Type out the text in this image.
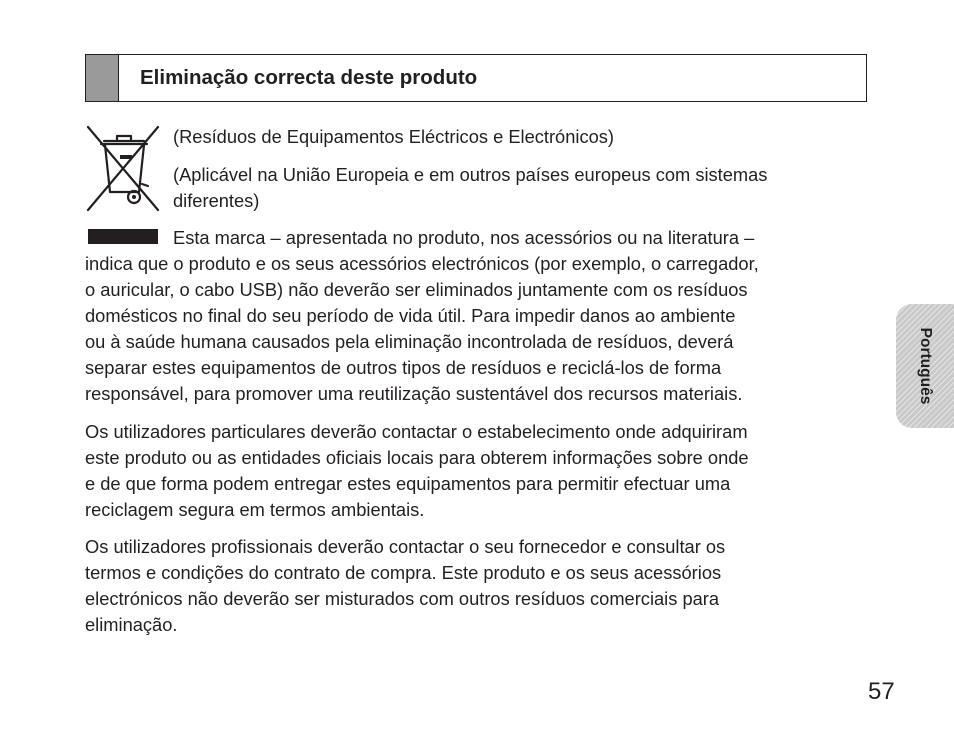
Eliminação correcta deste produto
(Resíduos de Equipamentos Eléctricos e Electrónicos)
(Aplicável na União Europeia e em outros países europeus com sistemas
diferentes)
Esta marca – apresentada no produto, nos acessórios ou na literatura –
indica que o produto e os seus acessórios electrónicos (por exemplo, o carregador,
o auricular, o cabo USB) não deverão ser eliminados juntamente com os resíduos
domésticos no final do seu período de vida útil. Para impedir danos ao ambiente
ou à saúde humana causados pela eliminação incontrolada de resíduos, deverá
separar estes equipamentos de outros tipos de resíduos e reciclá-los de forma
responsável, para promover uma reutilização sustentável dos recursos materiais.
Os utilizadores particulares deverão contactar o estabelecimento onde adquiriram
este produto ou as entidades oficiais locais para obterem informações sobre onde
e de que forma podem entregar estes equipamentos para permitir efectuar uma
reciclagem segura em termos ambientais.
Os utilizadores profissionais deverão contactar o seu fornecedor e consultar os
termos e condições do contrato de compra. Este produto e os seus acessórios
electrónicos não deverão ser misturados com outros resíduos comerciais para
eliminação.
Português
57
